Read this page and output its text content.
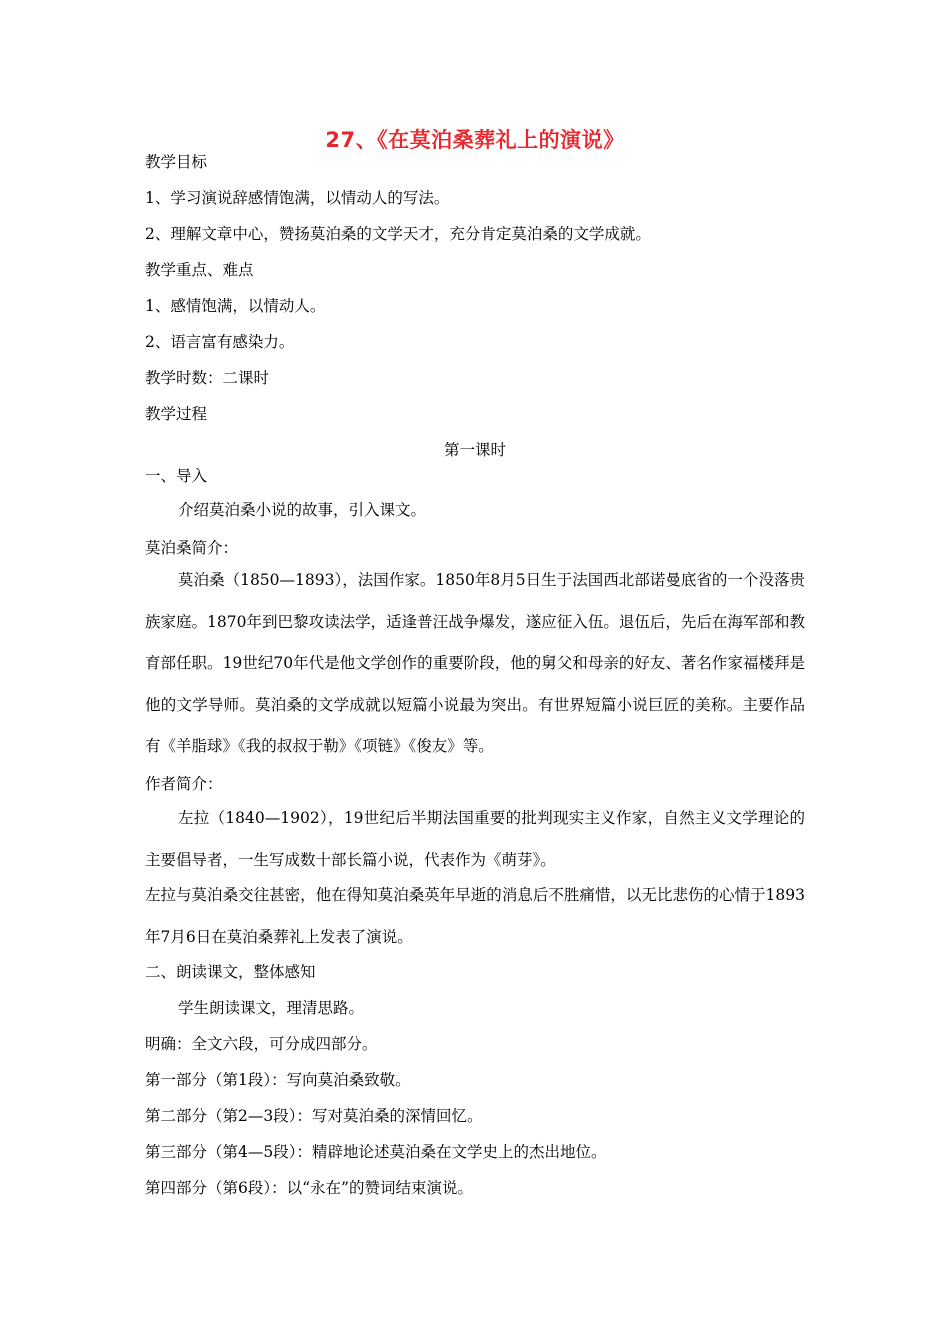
27、《在莫泊桑葬礼上的演说》
教学目标
1、学习演说辞感情饱满，以情动人的写法。
2、理解文章中心，赞扬莫泊桑的文学天才，充分肯定莫泊桑的文学成就。
教学重点、难点
1、感情饱满，以情动人。
2、语言富有感染力。
教学时数：二课时
教学过程
第一课时
一、导入
介绍莫泊桑小说的故事，引入课文。
莫泊桑简介：
莫泊桑（1850—1893），法国作家。1850年8月5日生于法国西北部诺曼底省的一个没落贵族家庭。1870年到巴黎攻读法学，适逢普汪战争爆发，遂应征入伍。退伍后，先后在海军部和教育部任职。19世纪70年代是他文学创作的重要阶段，他的舅父和母亲的好友、著名作家福楼拜是他的文学导师。莫泊桑的文学成就以短篇小说最为突出。有世界短篇小说巨匠的美称。主要作品有《羊脂球》《我的叔叔于勒》《项链》《俊友》等。
作者简介：
左拉（1840—1902），19世纪后半期法国重要的批判现实主义作家，自然主义文学理论的主要倡导者，一生写成数十部长篇小说，代表作为《萌芽》。
左拉与莫泊桑交往甚密，他在得知莫泊桑英年早逝的消息后不胜痛惜，以无比悲伤的心情于1893年7月6日在莫泊桑葬礼上发表了演说。
二、朗读课文，整体感知
学生朗读课文，理清思路。
明确：全文六段，可分成四部分。
第一部分（第1段）：写向莫泊桑致敬。
第二部分（第2—3段）：写对莫泊桑的深情回忆。
第三部分（第4—5段）：精辟地论述莫泊桑在文学史上的杰出地位。
第四部分（第6段）：以“永在”的赞词结束演说。
